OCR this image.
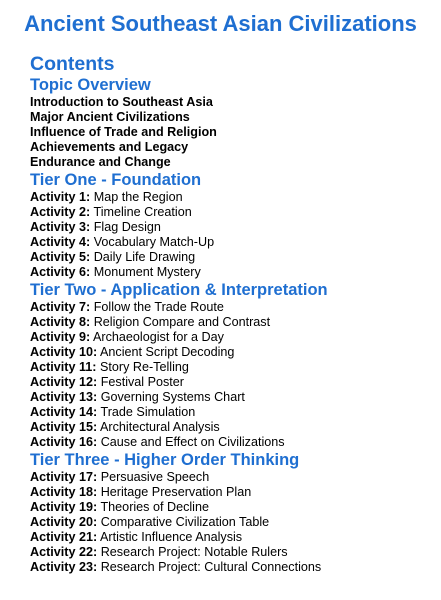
Ancient Southeast Asian Civilizations
Contents
Topic Overview
Introduction to Southeast Asia
Major Ancient Civilizations
Influence of Trade and Religion
Achievements and Legacy
Endurance and Change
Tier One - Foundation
Activity 1: Map the Region
Activity 2: Timeline Creation
Activity 3: Flag Design
Activity 4: Vocabulary Match-Up
Activity 5: Daily Life Drawing
Activity 6: Monument Mystery
Tier Two - Application & Interpretation
Activity 7: Follow the Trade Route
Activity 8: Religion Compare and Contrast
Activity 9: Archaeologist for a Day
Activity 10: Ancient Script Decoding
Activity 11: Story Re-Telling
Activity 12: Festival Poster
Activity 13: Governing Systems Chart
Activity 14: Trade Simulation
Activity 15: Architectural Analysis
Activity 16: Cause and Effect on Civilizations
Tier Three - Higher Order Thinking
Activity 17: Persuasive Speech
Activity 18: Heritage Preservation Plan
Activity 19: Theories of Decline
Activity 20: Comparative Civilization Table
Activity 21: Artistic Influence Analysis
Activity 22: Research Project: Notable Rulers
Activity 23: Research Project: Cultural Connections
